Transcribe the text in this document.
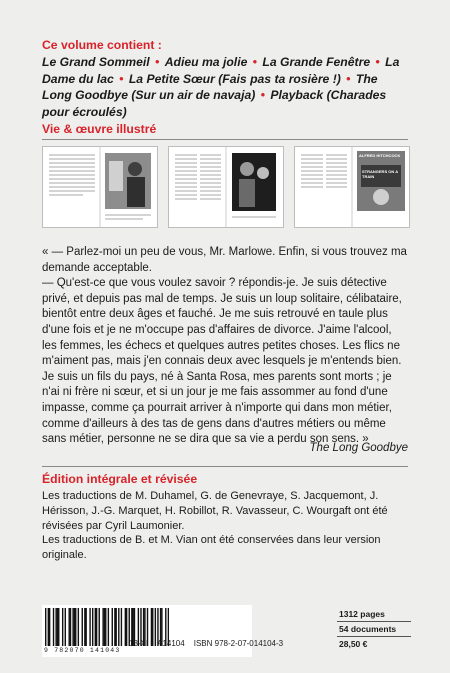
Ce volume contient :
Le Grand Sommeil • Adieu ma jolie • La Grande Fenêtre • La Dame du lac • La Petite Sœur (Fais pas ta rosière !) • The Long Goodbye (Sur un air de navaja) • Playback (Charades pour écroulés)
Vie & œuvre illustré
ALFRED HITCHCOCK
STRANGERS ON A TRAIN

« — Parlez-moi un peu de vous, Mr. Marlowe. Enfin, si vous trouvez ma demande acceptable.

— Qu'est-ce que vous voulez savoir ? répondis-je. Je suis détective privé, et depuis pas mal de temps. Je suis un loup solitaire, célibataire, bientôt entre deux âges et fauché. Je me suis retrouvé en taule plus d'une fois et je ne m'occupe pas d'affaires de divorce. J'aime l'alcool, les femmes, les échecs et quelques autres petites choses. Les flics ne m'aiment pas, mais j'en connais deux avec lesquels je m'entends bien. Je suis un fils du pays, né à Santa Rosa, mes parents sont morts ; je n'ai ni frère ni sœur, et si un jour je me fais assommer au fond d'une impasse, comme ça pourrait arriver à n'importe qui dans mon métier, comme d'ailleurs à des tas de gens dans d'autres métiers ou même sans métier, personne ne se dira que sa vie a perdu son sens. »

The Long Goodbye
Édition intégrale et révisée

Les traductions de M. Duhamel, G. de Genevraye, S. Jacquemont, J. Hérisson, J.-G. Marquet, H. Robillot, R. Vavasseur, C. Wourgaft ont été révisées par Cyril Laumonier.

Les traductions de B. et M. Vian ont été conservées dans leur version originale.

9 782070 141043
13-XI A14104 ISBN 978-2-07-014104-3
1312 pages
54 documents
28,50 €
